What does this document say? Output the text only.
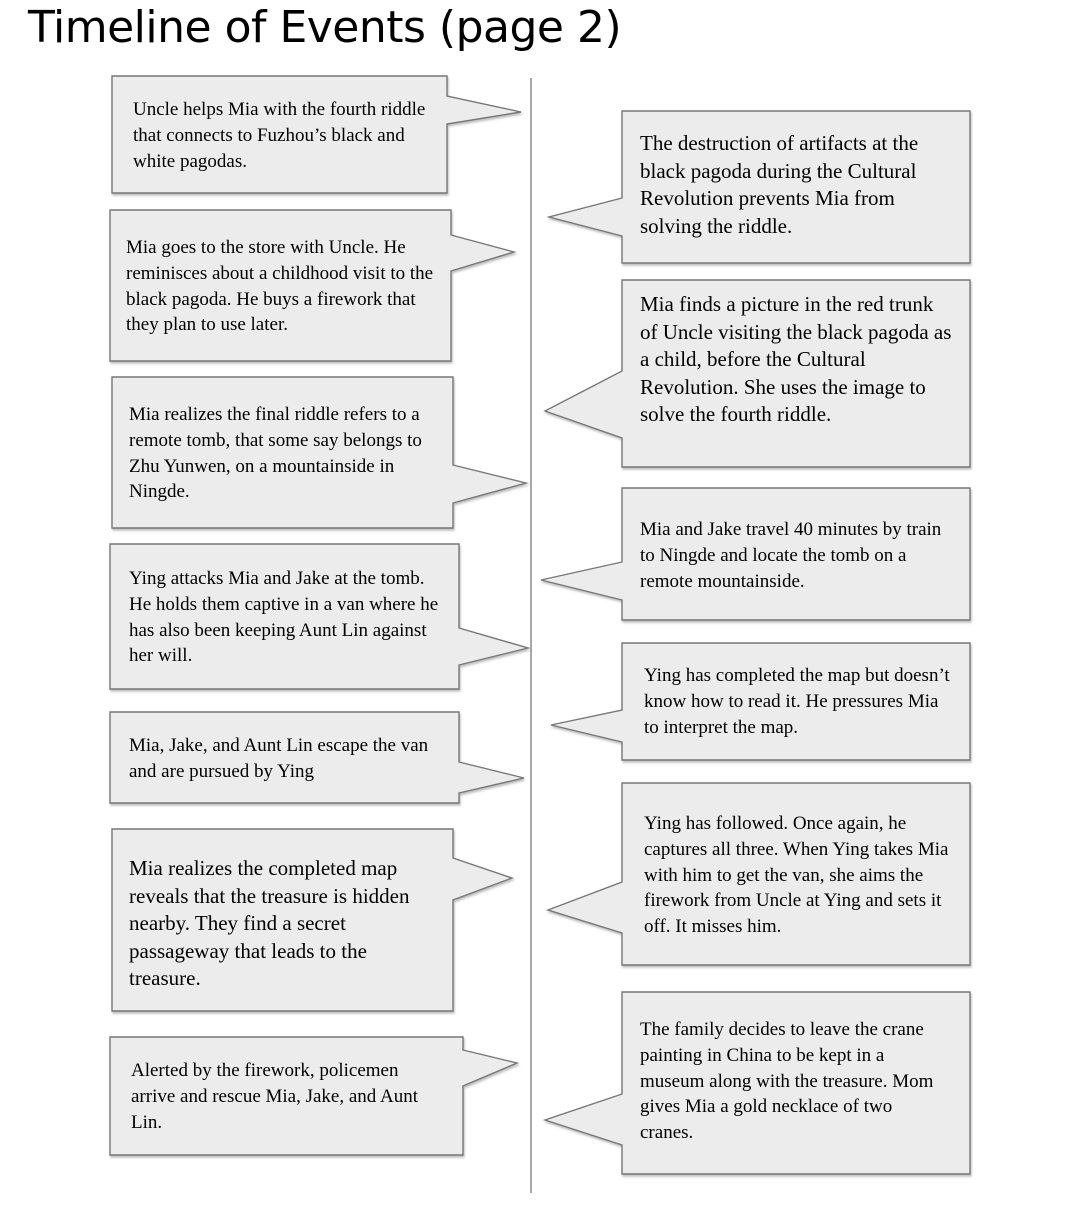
Timeline of Events (page 2)

Uncle helps Mia with the fourth riddle that connects to Fuzhou’s black and white pagodas.

Mia goes to the store with Uncle. He reminisces about a childhood visit to the black pagoda. He buys a firework that they plan to use later.

Mia realizes the final riddle refers to a remote tomb, that some say belongs to Zhu Yunwen, on a mountainside in Ningde.

Ying attacks Mia and Jake at the tomb. He holds them captive in a van where he has also been keeping Aunt Lin against her will.

Mia, Jake, and Aunt Lin escape the van and are pursued by Ying

Mia realizes the completed map reveals that the treasure is hidden nearby. They find a secret passageway that leads to the treasure.

Alerted by the firework, policemen arrive and rescue Mia, Jake, and Aunt Lin.

The destruction of artifacts at the black pagoda during the Cultural Revolution prevents Mia from solving the riddle.

Mia finds a picture in the red trunk of Uncle visiting the black pagoda as a child, before the Cultural Revolution. She uses the image to solve the fourth riddle.

Mia and Jake travel 40 minutes by train to Ningde and locate the tomb on a remote mountainside.

Ying has completed the map but doesn’t know how to read it. He pressures Mia to interpret the map.

Ying has followed. Once again, he captures all three. When Ying takes Mia with him to get the van, she aims the firework from Uncle at Ying and sets it off. It misses him.

The family decides to leave the crane painting in China to be kept in a museum along with the treasure. Mom gives Mia a gold necklace of two cranes.
